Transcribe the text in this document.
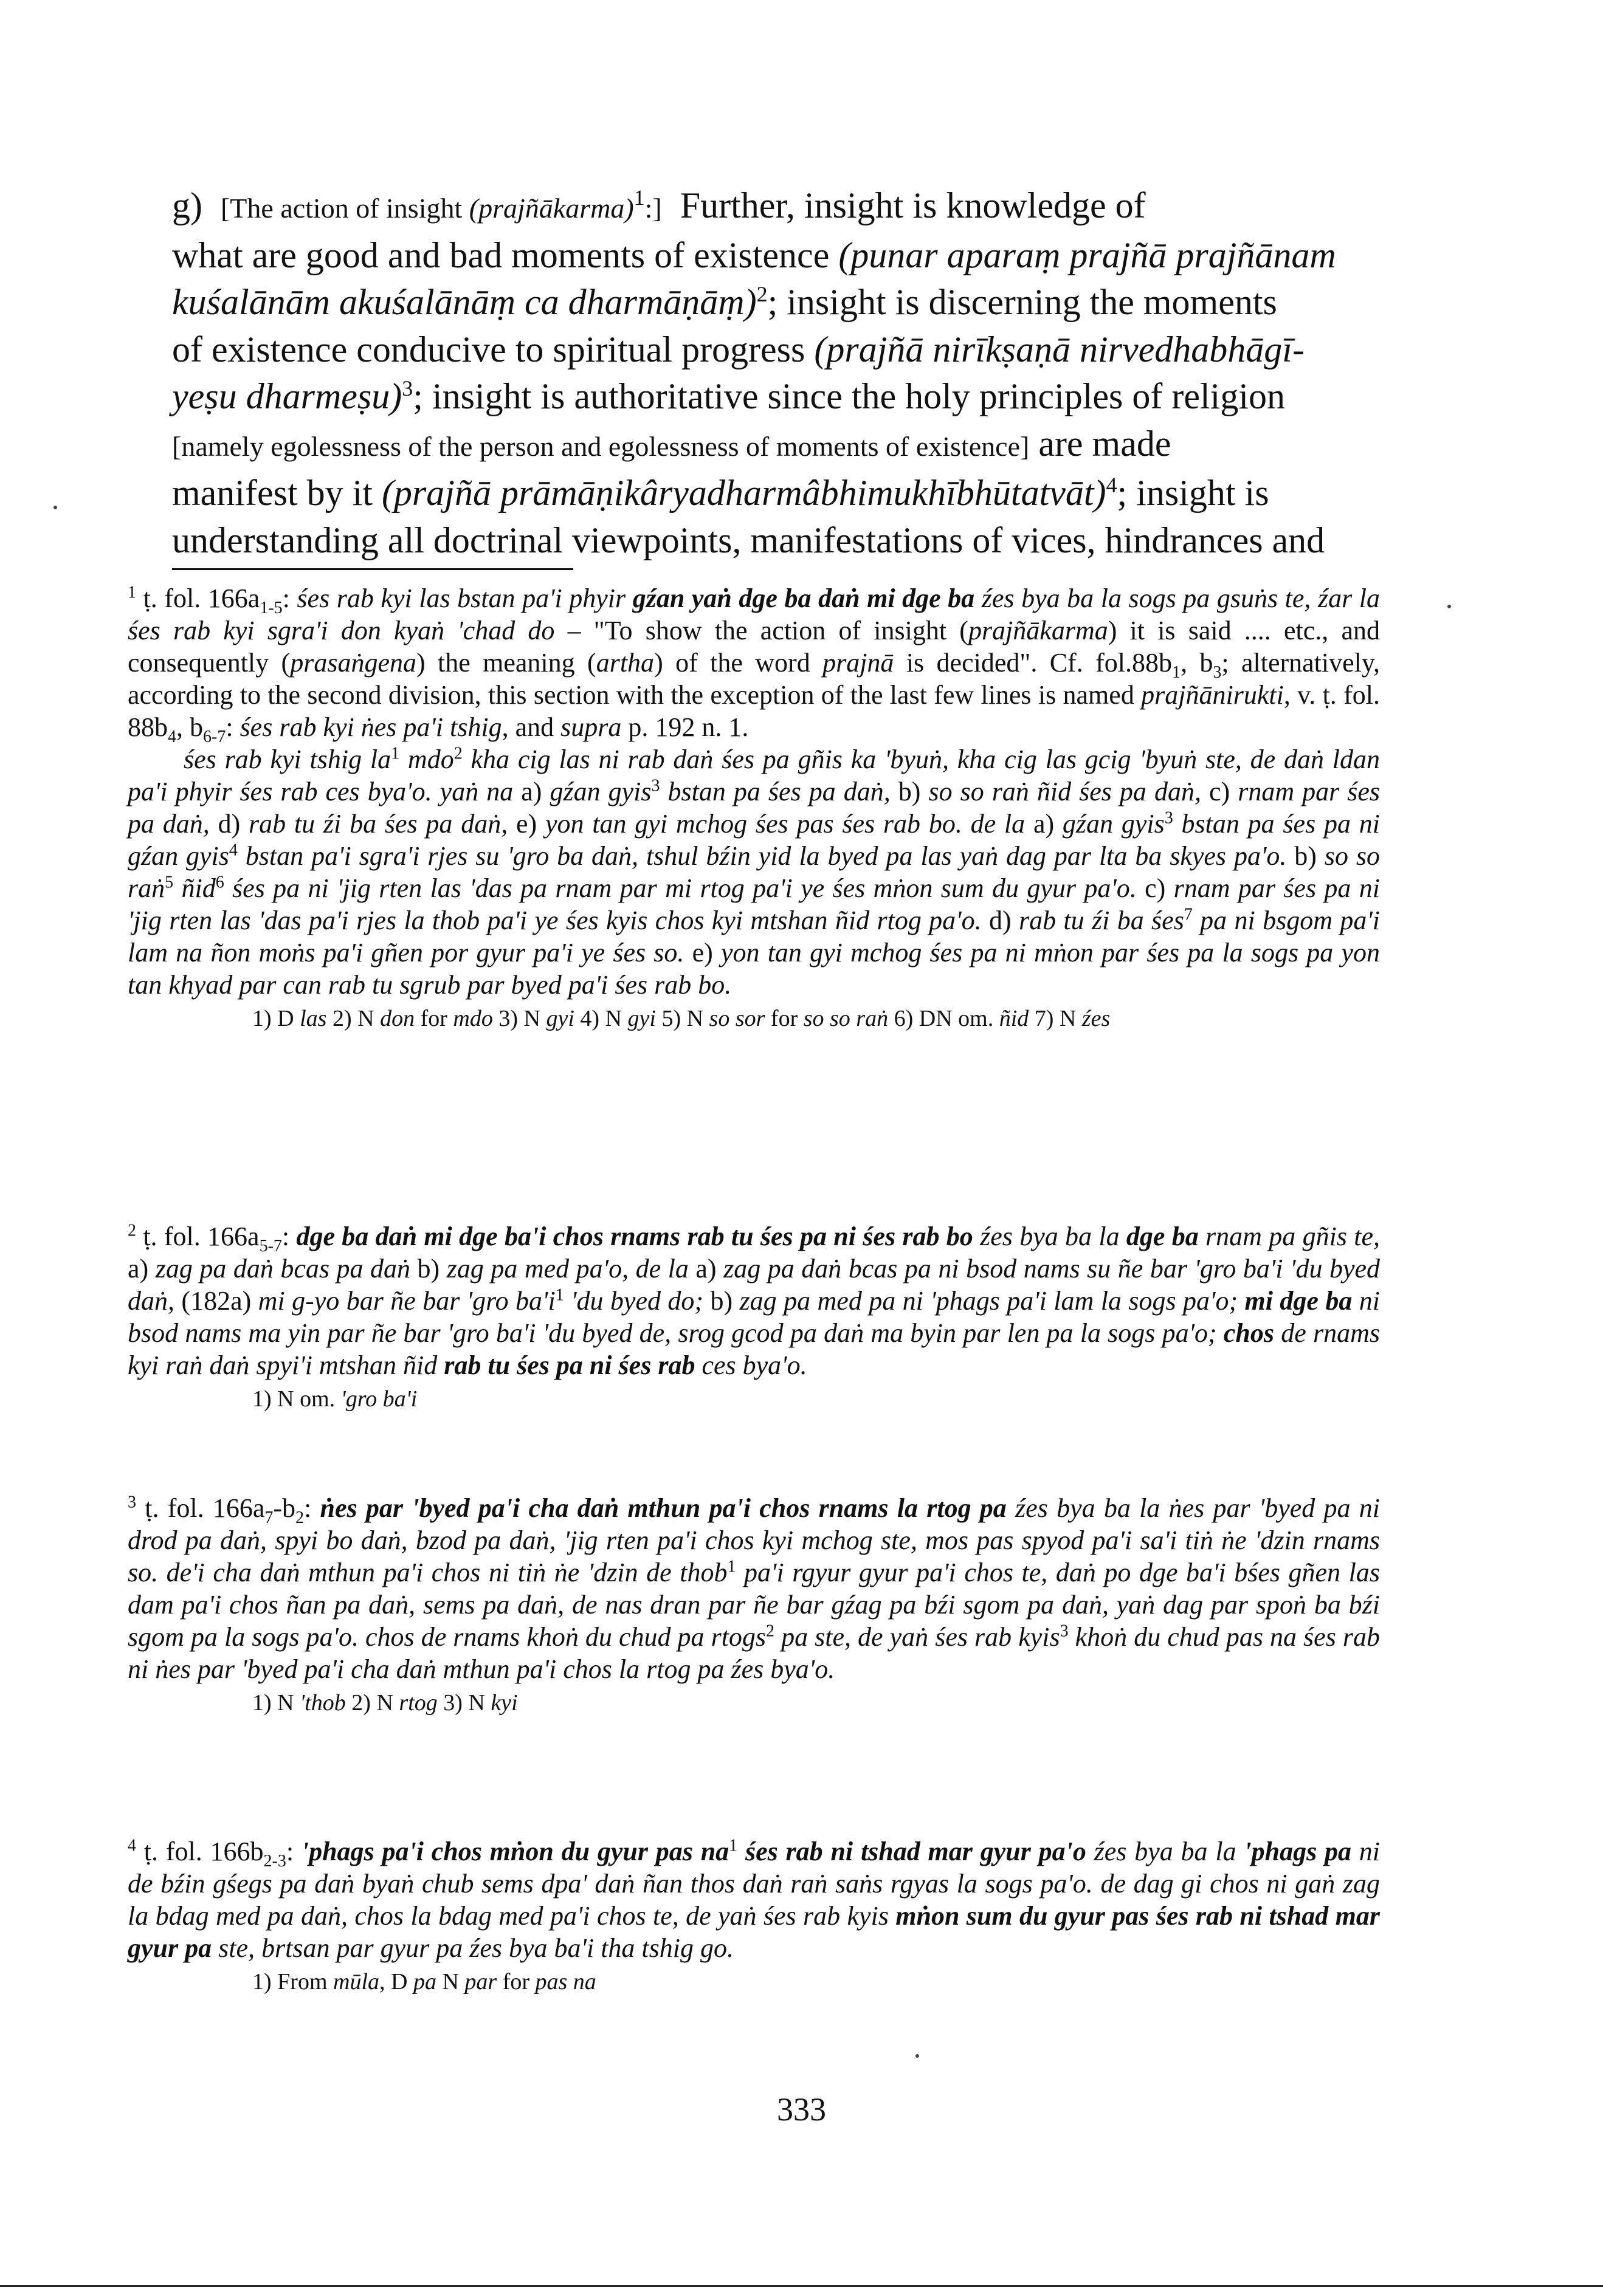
g)  [The action of insight (prajñākarma)$^1$:]  Further, insight is knowledge of
what are good and bad moments of existence (punar aparaṃ prajñā prajñānam
kuśalānām akuśalānāṃ ca dharmāṇāṃ)$^2$; insight is discerning the moments
of existence conducive to spiritual progress (prajñā nirīkṣaṇā nirvedhabhāgī-
yeṣu dharmeṣu)$^3$; insight is authoritative since the holy principles of religion
[namely egolessness of the person and egolessness of moments of existence] are made
manifest by it (prajñā prāmāṇikâryadharmâbhimukhībhūtatvāt)$^4$; insight is
understanding all doctrinal viewpoints, manifestations of vices, hindrances and

$^1$ ṭ. fol. $166a_{1-5}$: śes rab kyi las bstan pa'i phyir gźan yaṅ dge ba daṅ mi dge ba źes bya ba la sogs pa gsuṅs te, źar la śes rab kyi sgra'i don kyaṅ 'chad do – "To show the action of insight (prajñākarma) it is said .... etc., and consequently (prasaṅgena) the meaning (artha) of the word prajnā is decided". Cf. $fol.88b_1$, $b_3$; alternatively, according to the second division, this section with the exception of the last few lines is named prajñānirukti, v. ṭ. fol. $88b_4$, $b_{6-7}$: śes rab kyi ṅes pa'i tshig, and supra p. 192 n. 1.

śes rab kyi tshig $la^1$ mdo$^2$ kha cig las ni rab daṅ śes pa gñis ka 'byuṅ, kha cig las gcig 'byuṅ ste, de daṅ ldan pa'i phyir śes rab ces bya'o. yaṅ na a) gźan gyis$^3$ bstan pa śes pa daṅ, b) so so raṅ ñid śes pa daṅ, c) rnam par śes pa daṅ, d) rab tu źi ba śes pa daṅ, e) yon tan gyi mchog śes pas śes rab bo. de la a) gźan gyis$^3$ bstan pa śes pa ni gźan gyis$^4$ bstan pa'i sgra'i rjes su 'gro ba daṅ, tshul bźin yid la byed pa las yaṅ dag par lta ba skyes pa'o. b) so so raṅ$^5$ ñid$^6$ śes pa ni 'jig rten las 'das pa rnam par mi rtog pa'i ye śes mṅon sum du gyur pa'o. c) rnam par śes pa ni 'jig rten las 'das pa'i rjes la thob pa'i ye śes kyis chos kyi mtshan ñid rtog pa'o. d) rab tu źi ba śes$^7$ pa ni bsgom pa'i lam na ñon moṅs pa'i gñen por gyur pa'i ye śes so. e) yon tan gyi mchog śes pa ni mṅon par śes pa la sogs pa yon tan khyad par can rab tu sgrub par byed pa'i śes rab bo.

1) D las 2) N don for mdo 3) N gyi 4) N gyi 5) N so sor for so so raṅ 6) DN om. ñid 7) N źes

$^2$ ṭ. fol. $166a_{5-7}$: dge ba daṅ mi dge ba'i chos rnams rab tu śes pa ni śes rab bo źes bya ba la dge ba rnam pa gñis te, a) zag pa daṅ bcas pa daṅ b) zag pa med pa'o, de la a) zag pa daṅ bcas pa ni bsod nams su ñe bar 'gro ba'i 'du byed daṅ, (182a) mi g-yo bar ñe bar 'gro $ba'i^1$ 'du byed do; b) zag pa med pa ni 'phags pa'i lam la sogs pa'o; mi dge ba ni bsod nams ma yin par ñe bar 'gro ba'i 'du byed de, srog gcod pa daṅ ma byin par len pa la sogs pa'o; chos de rnams kyi raṅ daṅ spyi'i mtshan ñid rab tu śes pa ni śes rab ces bya'o.

1) N om. 'gro ba'i

$^3$ ṭ. fol. $166a_7-b_2$: ṅes par 'byed pa'i cha daṅ mthun pa'i chos rnams la rtog pa źes bya ba la ṅes par 'byed pa ni drod pa daṅ, spyi bo daṅ, bzod pa daṅ, 'jig rten pa'i chos kyi mchog ste, mos pas spyod pa'i sa'i tiṅ ṅe 'dzin rnams so. de'i cha daṅ mthun pa'i chos ni tiṅ ṅe 'dzin de thob$^1$ pa'i rgyur gyur pa'i chos te, daṅ po dge ba'i bśes gñen las dam pa'i chos ñan pa daṅ, sems pa daṅ, de nas dran par ñe bar gźag pa bźi sgom pa daṅ, yaṅ dag par spoṅ ba bźi sgom pa la sogs pa'o. chos de rnams khoṅ du chud pa rtogs$^2$ pa ste, de yaṅ śes rab kyis$^3$ khoṅ du chud pas na śes rab ni ṅes par 'byed pa'i cha daṅ mthun pa'i chos la rtog pa źes bya'o.

1) N 'thob 2) N rtog 3) N kyi

$^4$ ṭ. fol. $166b_{2-3}$: 'phags pa'i chos mṅon du gyur pas $na^1$ śes rab ni tshad mar gyur pa'o źes bya ba la 'phags pa ni de bźin gśegs pa daṅ byaṅ chub sems dpa' daṅ ñan thos daṅ raṅ saṅs rgyas la sogs pa'o. de dag gi chos ni gaṅ zag la bdag med pa daṅ, chos la bdag med pa'i chos te, de yaṅ śes rab kyis mṅon sum du gyur pas śes rab ni tshad mar gyur pa ste, brtsan par gyur pa źes bya ba'i tha tshig go.

1) From mūla, D pa N par for pas na

333
